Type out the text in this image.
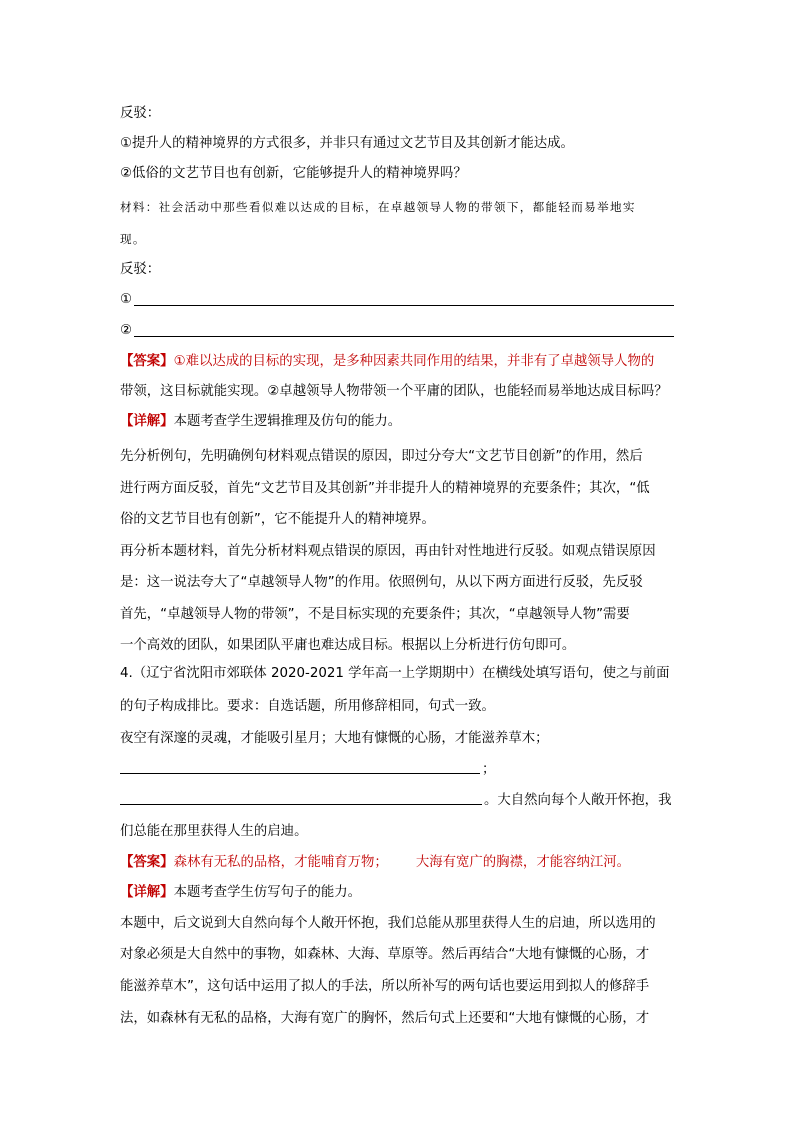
反驳：
①提升人的精神境界的方式很多，并非只有通过文艺节目及其创新才能达成。
②低俗的文艺节目也有创新，它能够提升人的精神境界吗？
材料：社会活动中那些看似难以达成的目标，在卓越领导人物的带领下，都能轻而易举地实
现。
反驳：
①
②
【答案】①难以达成的目标的实现，是多种因素共同作用的结果，并非有了卓越领导人物的
带领，这目标就能实现。②卓越领导人物带领一个平庸的团队，也能轻而易举地达成目标吗？
【详解】本题考查学生逻辑推理及仿句的能力。
先分析例句，先明确例句材料观点错误的原因，即过分夸大“文艺节目创新”的作用，然后
进行两方面反驳，首先“文艺节目及其创新”并非提升人的精神境界的充要条件；其次，“低
俗的文艺节目也有创新”，它不能提升人的精神境界。
再分析本题材料，首先分析材料观点错误的原因，再由针对性地进行反驳。如观点错误原因
是：这一说法夸大了“卓越领导人物”的作用。依照例句，从以下两方面进行反驳，先反驳
首先，“卓越领导人物的带领”，不是目标实现的充要条件；其次，“卓越领导人物”需要
一个高效的团队，如果团队平庸也难达成目标。根据以上分析进行仿句即可。
4.（辽宁省沈阳市郊联体 2020-2021 学年高一上学期期中）在横线处填写语句，使之与前面
的句子构成排比。要求：自选话题，所用修辞相同，句式一致。
夜空有深邃的灵魂，才能吸引星月；大地有慷慨的心肠，才能滋养草木；
；
。大自然向每个人敞开怀抱，我
们总能在那里获得人生的启迪。
【答案】森林有无私的品格，才能哺育万物； 大海有宽广的胸襟，才能容纳江河。
【详解】本题考查学生仿写句子的能力。
本题中，后文说到大自然向每个人敞开怀抱，我们总能从那里获得人生的启迪，所以选用的
对象必须是大自然中的事物，如森林、大海、草原等。然后再结合“大地有慷慨的心肠，才
能滋养草木”，这句话中运用了拟人的手法，所以所补写的两句话也要运用到拟人的修辞手
法，如森林有无私的品格，大海有宽广的胸怀，然后句式上还要和“大地有慷慨的心肠，才
